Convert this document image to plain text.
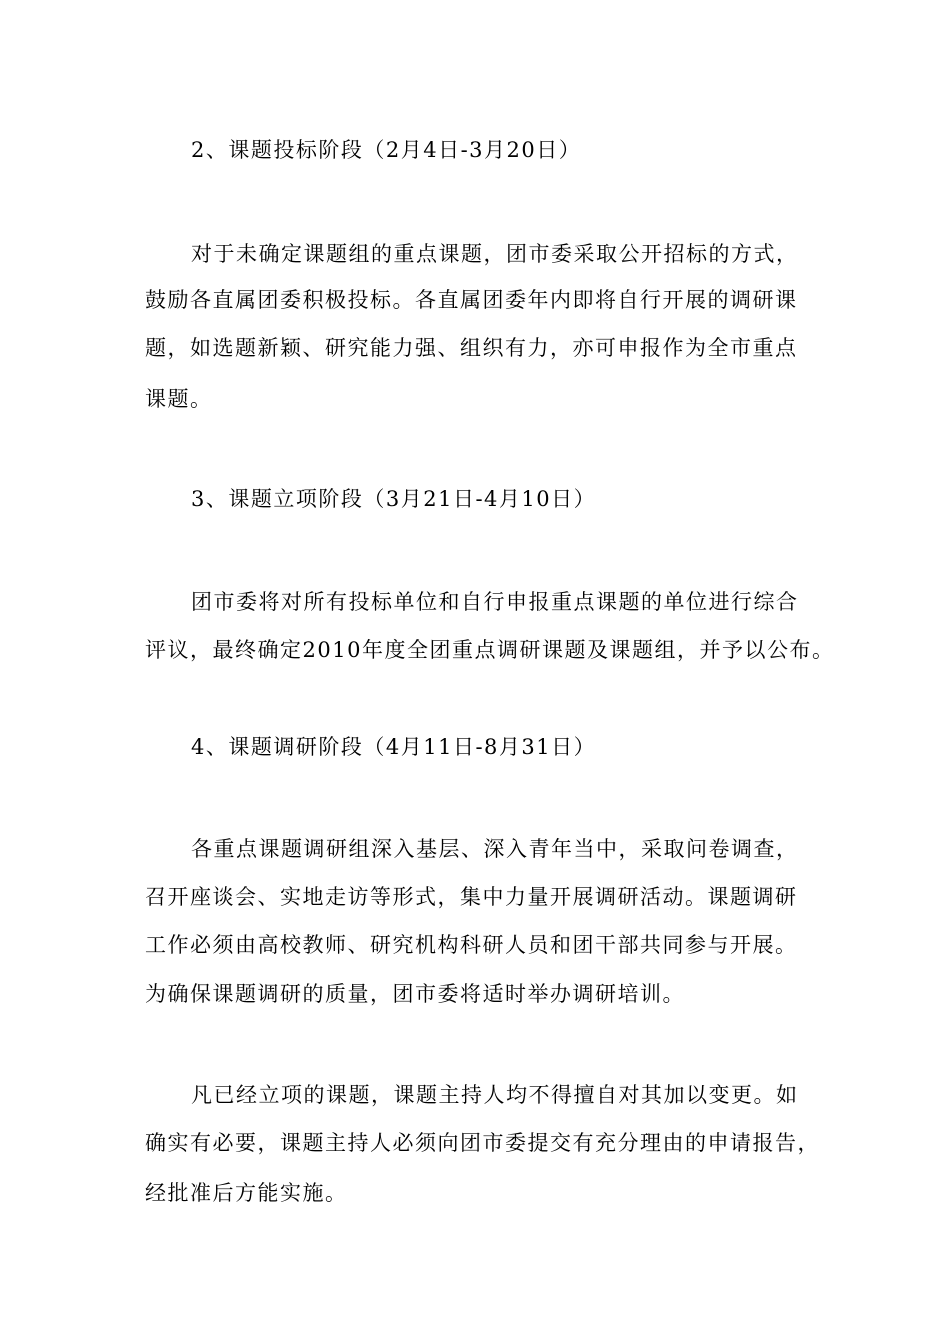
2、课题投标阶段（2月4日-3月20日）
对于未确定课题组的重点课题，团市委采取公开招标的方式，
鼓励各直属团委积极投标。各直属团委年内即将自行开展的调研课
题，如选题新颖、研究能力强、组织有力，亦可申报作为全市重点
课题。
3、课题立项阶段（3月21日-4月10日）
团市委将对所有投标单位和自行申报重点课题的单位进行综合
评议，最终确定2010年度全团重点调研课题及课题组，并予以公布。
4、课题调研阶段（4月11日-8月31日）
各重点课题调研组深入基层、深入青年当中，采取问卷调查，
召开座谈会、实地走访等形式，集中力量开展调研活动。课题调研
工作必须由高校教师、研究机构科研人员和团干部共同参与开展。
为确保课题调研的质量，团市委将适时举办调研培训。
凡已经立项的课题，课题主持人均不得擅自对其加以变更。如
确实有必要，课题主持人必须向团市委提交有充分理由的申请报告，
经批准后方能实施。
